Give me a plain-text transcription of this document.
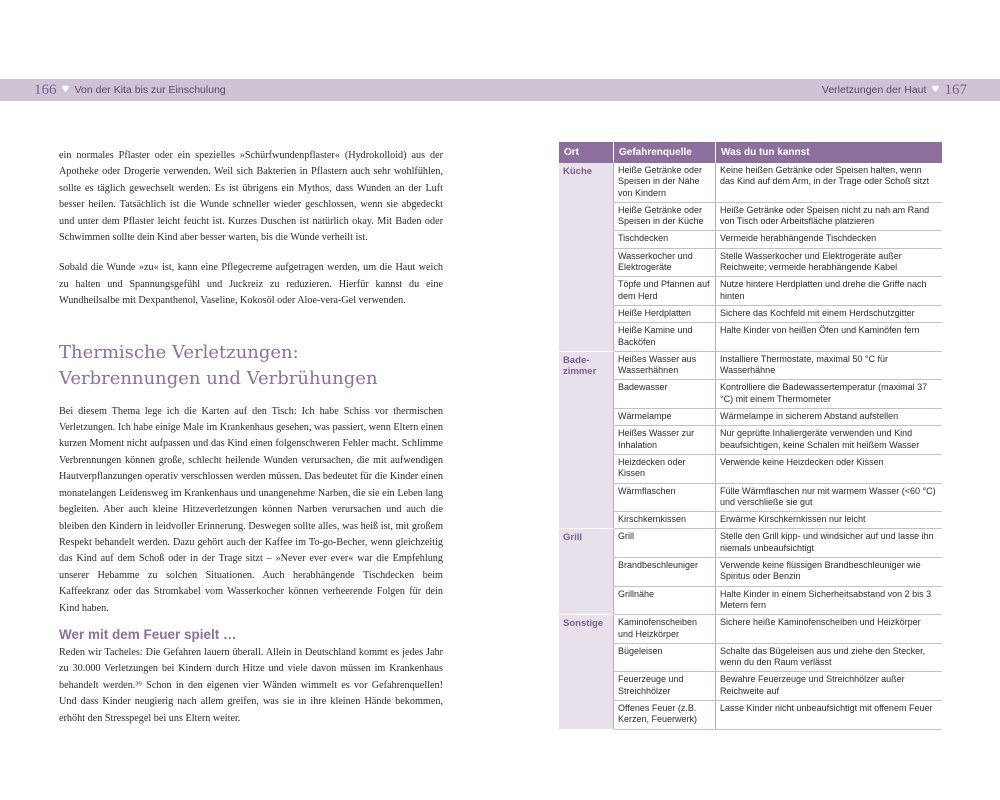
166 ♥ Von der Kita bis zur Einschulung	Verletzungen der Haut ♥ 167

ein normales Pflaster oder ein spezielles »Schürfwundenpflaster« (Hydrokolloid) aus der Apotheke oder Drogerie verwenden. Weil sich Bakterien in Pflastern auch sehr wohlfühlen, sollte es täglich gewechselt werden. Es ist übrigens ein Mythos, dass Wunden an der Luft besser heilen. Tatsächlich ist die Wunde schneller wieder geschlossen, wenn sie abgedeckt und unter dem Pflaster leicht feucht ist. Kurzes Duschen ist natürlich okay. Mit Baden oder Schwimmen sollte dein Kind aber besser warten, bis die Wunde verheilt ist.

Sobald die Wunde »zu« ist, kann eine Pflegecreme aufgetragen werden, um die Haut weich zu halten und Spannungsgefühl und Juckreiz zu reduzieren. Hierfür kannst du eine Wundheilsalbe mit Dexpanthenol, Vaseline, Kokosöl oder Aloe-vera-Gel verwenden.

Thermische Verletzungen:
Verbrennungen und Verbrühungen

Bei diesem Thema lege ich die Karten auf den Tisch: Ich habe Schiss vor thermischen Verletzungen. Ich habe einige Male im Krankenhaus gesehen, was passiert, wenn Eltern einen kurzen Moment nicht aufpassen und das Kind einen folgenschweren Fehler macht. Schlimme Verbrennungen können große, schlecht heilende Wunden verursachen, die mit aufwendigen Hautverpflanzungen operativ verschlossen werden müssen. Das bedeutet für die Kinder einen monatelangen Leidensweg im Krankenhaus und unangenehme Narben, die sie ein Leben lang begleiten. Aber auch kleine Hitzeverletzungen können Narben verursachen und auch die bleiben den Kindern in leidvoller Erinnerung. Deswegen sollte alles, was heiß ist, mit großem Respekt behandelt werden. Dazu gehört auch der Kaffee im To-go-Becher, wenn gleichzeitig das Kind auf dem Schoß oder in der Trage sitzt – »Never ever ever« war die Empfehlung unserer Hebamme zu solchen Situationen. Auch herabhängende Tischdecken beim Kaffeekranz oder das Stromkabel vom Wasserkocher können verheerende Folgen für dein Kind haben.

Wer mit dem Feuer spielt …

Reden wir Tacheles: Die Gefahren lauern überall. Allein in Deutschland kommt es jedes Jahr zu 30.000 Verletzungen bei Kindern durch Hitze und viele davon müssen im Krankenhaus behandelt werden.³⁹ Schon in den eigenen vier Wänden wimmelt es vor Gefahrenquellen! Und dass Kinder neugierig nach allem greifen, was sie in ihre kleinen Hände bekommen, erhöht den Stresspegel bei uns Eltern weiter.

Ort	Gefahrenquelle	Was du tun kannst
Küche	Heiße Getränke oder Speisen in der Nähe von Kindern	Keine heißen Getränke oder Speisen halten, wenn das Kind auf dem Arm, in der Trage oder Schoß sitzt
	Heiße Getränke oder Speisen in der Küche	Heiße Getränke oder Speisen nicht zu nah am Rand von Tisch oder Arbeitsfläche platzieren
	Tischdecken	Vermeide herabhängende Tischdecken
	Wasserkocher und Elektrogeräte	Stelle Wasserkocher und Elektrogeräte außer Reichweite; vermeide herabhängende Kabel
	Töpfe und Pfannen auf dem Herd	Nutze hintere Herdplatten und drehe die Griffe nach hinten
	Heiße Herdplatten	Sichere das Kochfeld mit einem Herdschutzgitter
	Heiße Kamine und Backöfen	Halte Kinder von heißen Öfen und Kaminöfen fern
Bade-zimmer	Heißes Wasser aus Wasserhähnen	Installiere Thermostate, maximal 50 °C für Wasserhähne
	Badewasser	Kontrolliere die Badewassertemperatur (maximal 37 °C) mit einem Thermometer
	Wärmelampe	Wärmelampe in sicherem Abstand aufstellen
	Heißes Wasser zur Inhalation	Nur geprüfte Inhaliergeräte verwenden und Kind beaufsichtigen, keine Schalen mit heißem Wasser
	Heizdecken oder Kissen	Verwende keine Heizdecken oder Kissen
	Wärmflaschen	Fülle Wärmflaschen nur mit warmem Wasser (<60 °C) und verschließe sie gut
	Kirschkernkissen	Erwärme Kirschkernkissen nur leicht
Grill	Grill	Stelle den Grill kipp- und windsicher auf und lasse ihn niemals unbeaufsichtigt
	Brandbeschleuniger	Verwende keine flüssigen Brandbeschleuniger wie Spiritus oder Benzin
	Grillnähe	Halte Kinder in einem Sicherheitsabstand von 2 bis 3 Metern fern
Sonstige	Kaminofenscheiben und Heizkörper	Sichere heiße Kaminofenscheiben und Heizkörper
	Bügeleisen	Schalte das Bügeleisen aus und ziehe den Stecker, wenn du den Raum verlässt
	Feuerzeuge und Streichhölzer	Bewahre Feuerzeuge und Streichhölzer außer Reichweite auf
	Offenes Feuer (z.B. Kerzen, Feuerwerk)	Lasse Kinder nicht unbeaufsichtigt mit offenem Feuer
